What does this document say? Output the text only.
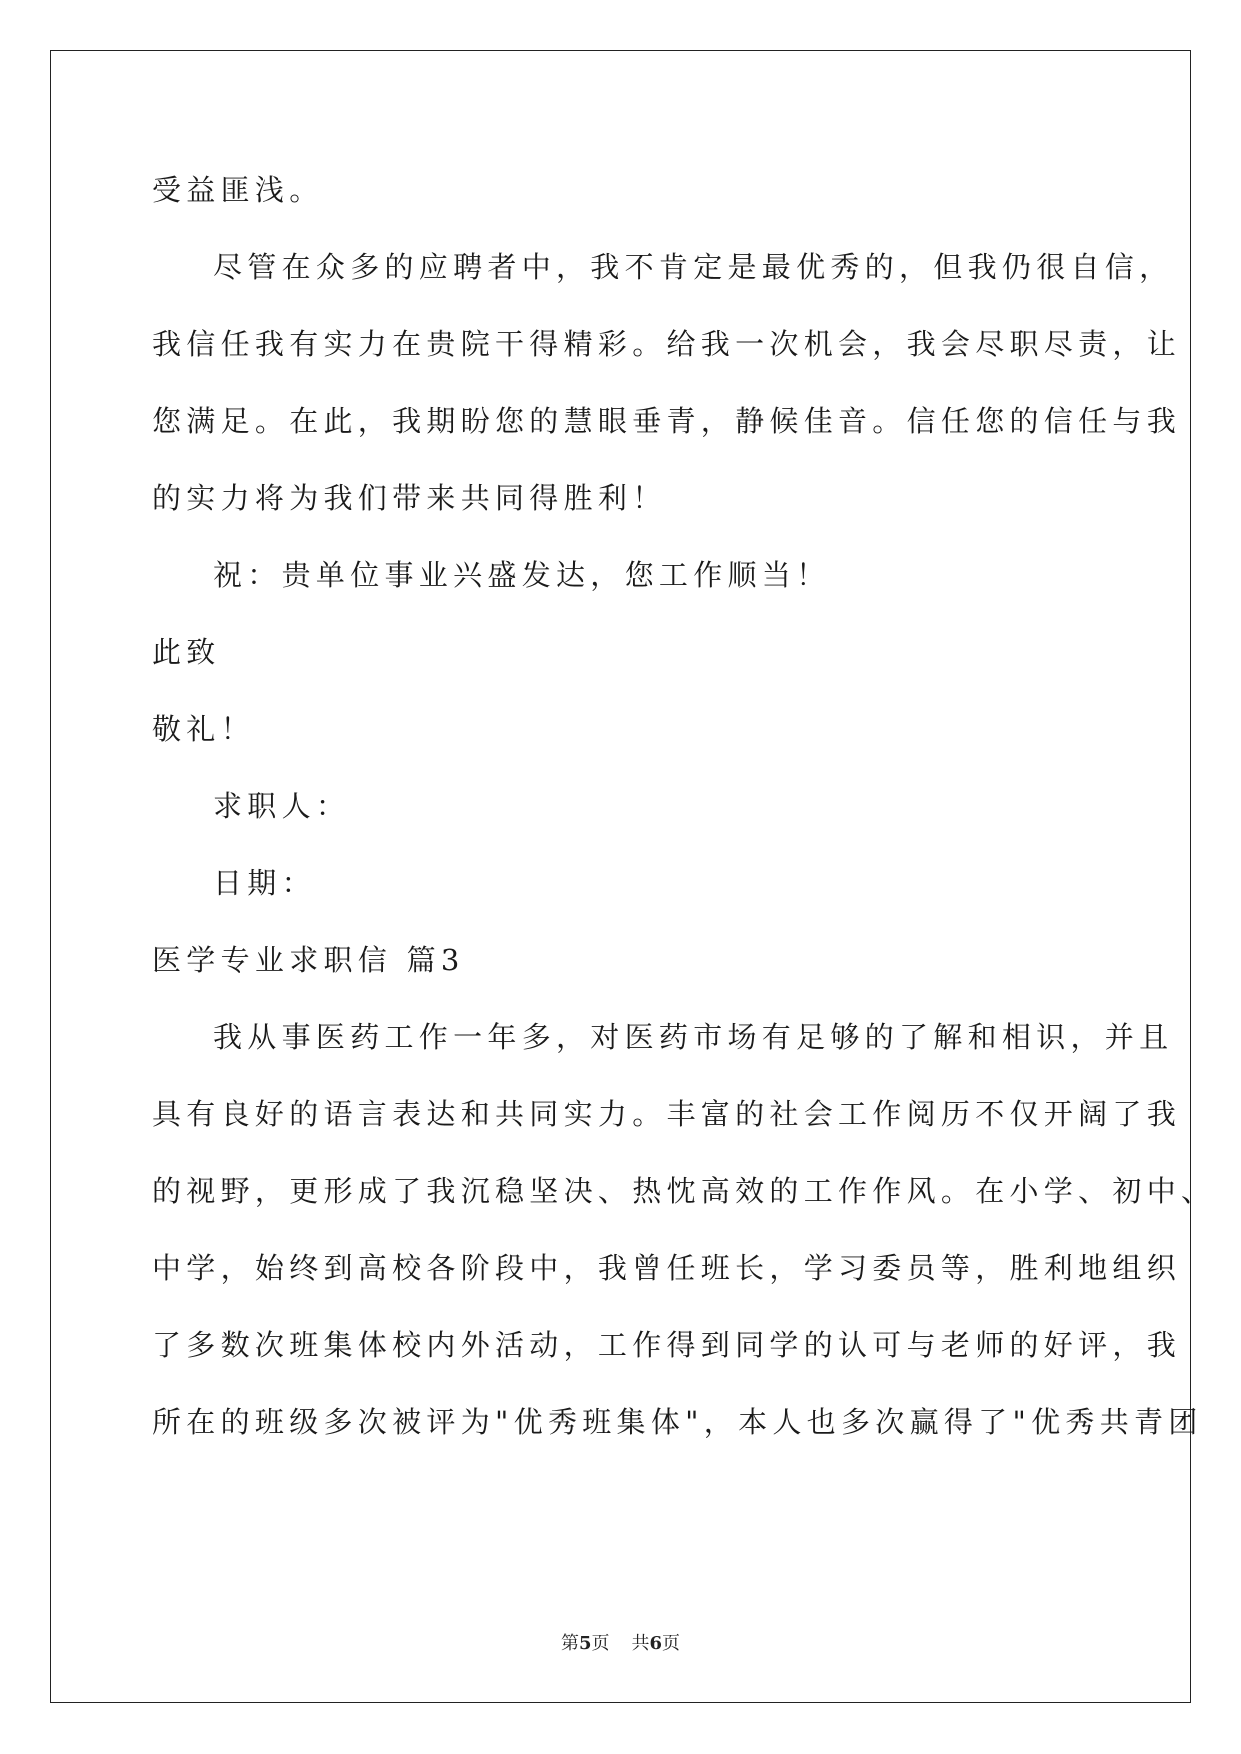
受益匪浅。
尽管在众多的应聘者中，我不肯定是最优秀的，但我仍很自信，
我信任我有实力在贵院干得精彩。给我一次机会，我会尽职尽责，让
您满足。在此，我期盼您的慧眼垂青，静候佳音。信任您的信任与我
的实力将为我们带来共同得胜利！
祝：贵单位事业兴盛发达，您工作顺当！
此致
敬礼！
求职人：
日期：
医学专业求职信 篇3
我从事医药工作一年多，对医药市场有足够的了解和相识，并且
具有良好的语言表达和共同实力。丰富的社会工作阅历不仅开阔了我
的视野，更形成了我沉稳坚决、热忱高效的工作作风。在小学、初中、
中学，始终到高校各阶段中，我曾任班长，学习委员等，胜利地组织
了多数次班集体校内外活动，工作得到同学的认可与老师的好评，我
所在的班级多次被评为"优秀班集体"，本人也多次赢得了"优秀共青团
第5页 共6页
